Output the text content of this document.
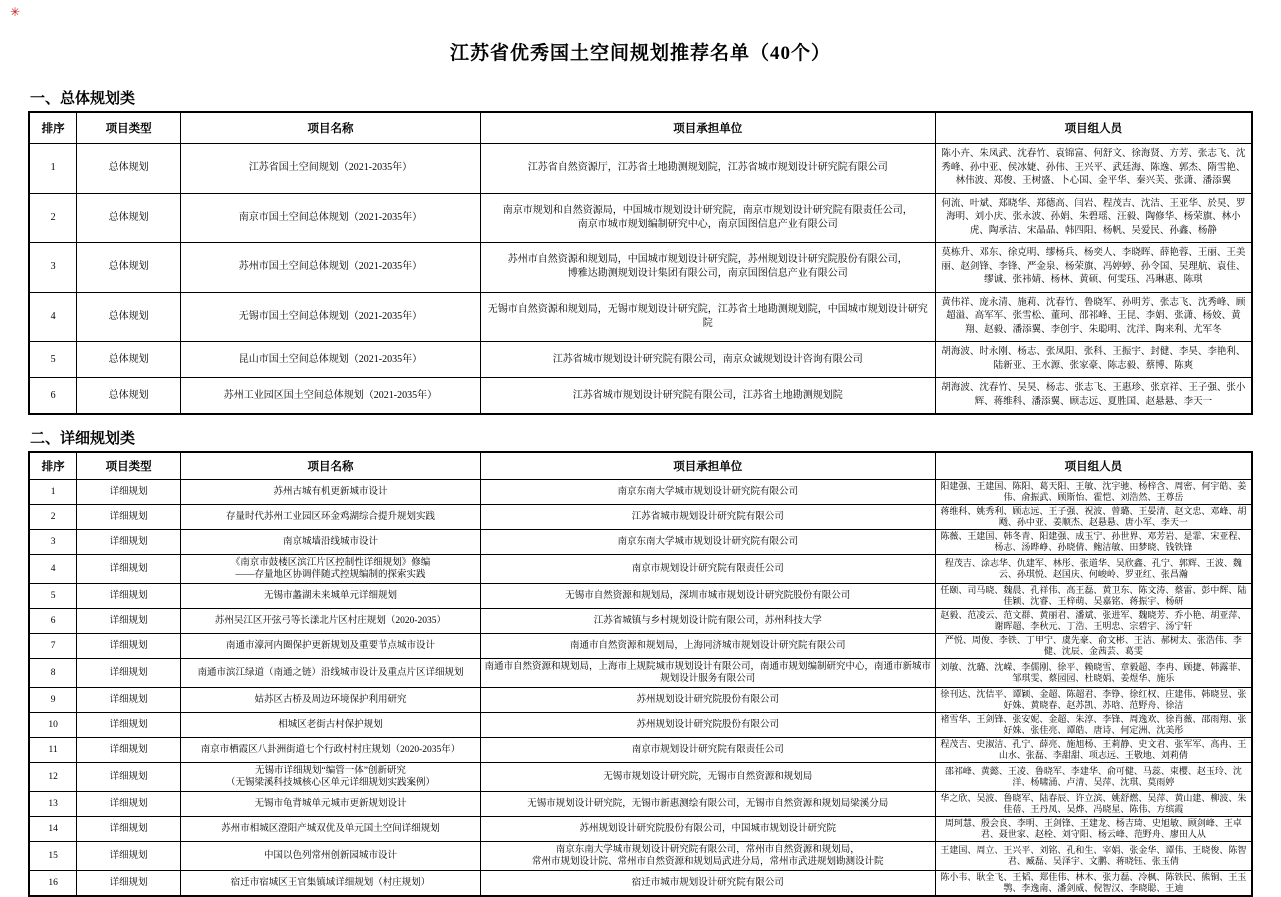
✳
江苏省优秀国土空间规划推荐名单（40个）
一、总体规划类
排序	项目类型	项目名称	项目承担单位	项目组人员
1	总体规划	江苏省国土空间规划（2021-2035年）	江苏省自然资源厅，江苏省土地勘测规划院，江苏省城市规划设计研究院有限公司	陈小卉、朱凤武、沈春竹、袁锦富、何舒文、徐海贤、方芳、张志飞、沈秀峰、孙中亚、侯冰婕、孙伟、王兴平、武廷海、陈逸、郭杰、隋雪艳、林伟波、郑俊、王树盛、卜心国、金平华、秦兴芙、张潇、潘添翼
2	总体规划	南京市国土空间总体规划（2021-2035年）	南京市规划和自然资源局，中国城市规划设计研究院，南京市规划设计研究院有限责任公司，
南京市城市规划编制研究中心，南京国图信息产业有限公司	何流、叶斌、郑晓华、郑德高、闫岩、程茂吉、沈洁、王亚华、於昊、罗海明、刘小庆、张永波、孙娟、朱碧瑶、汪毅、陶修华、杨荣旗、林小虎、陶承洁、宋晶晶、韩四阳、杨帆、吴爱民、孙鑫、杨静
3	总体规划	苏州市国土空间总体规划（2021-2035年）	苏州市自然资源和规划局，中国城市规划设计研究院，苏州规划设计研究院股份有限公司，
博雅达勘测规划设计集团有限公司，南京国图信息产业有限公司	莫栋升、邓东、徐克明、缪杨兵、杨奕人、李晓晖、薛艳蓉、王丽、王美丽、赵剑锋、李锋、严金泉、杨荣旗、冯婷婷、孙令国、吴理航、袁佳、缪诚、张祎婧、杨林、黄硕、何雯珏、冯琳惠、陈琪
4	总体规划	无锡市国土空间总体规划（2021-2035年）	无锡市自然资源和规划局，无锡市规划设计研究院，江苏省土地勘测规划院，中国城市规划设计研究院	黄伟祥、庞永清、施莉、沈春竹、鲁晓军、孙明芳、张志飞、沈秀峰、顾超溢、高军军、张雪松、董珂、邵祁峰、王昆、李娟、张潇、杨姣、黄翔、赵毅、潘添翼、李创宇、朱聪明、沈洋、陶来利、尤军冬
5	总体规划	昆山市国土空间总体规划（2021-2035年）	江苏省城市规划设计研究院有限公司，南京众诚规划设计咨询有限公司	胡海波、时永刚、杨志、张凤阳、张科、王振宇、封健、李昊、李艳利、陆新亚、王水源、张家豪、陈志毅、蔡博、陈爽
6	总体规划	苏州工业园区国土空间总体规划（2021-2035年）	江苏省城市规划设计研究院有限公司，江苏省土地勘测规划院	胡海波、沈春竹、吴昊、杨志、张志飞、王惠珍、张京祥、王子强、张小辉、蒋维科、潘添翼、顾志远、夏胜国、赵悬悬、李天一
二、详细规划类
排序	项目类型	项目名称	项目承担单位	项目组人员
1	详细规划	苏州古城有机更新城市设计	南京东南大学城市规划设计研究院有限公司	阳建强、王建国、陈阳、葛天阳、王敏、沈宇驰、杨梓含、周密、何宇皓、姜伟、俞振武、顾斯怡、霍恺、刘浩然、王尊岳
2	详细规划	存量时代苏州工业园区环金鸡湖综合提升规划实践	江苏省城市规划设计研究院有限公司	蒋维科、姚秀利、顾志远、王子强、祝波、曾璐、王晏清、赵文忠、邓峰、胡飏、孙中亚、姜顺杰、赵悬悬、唐小军、李天一
3	详细规划	南京城墙沿线城市设计	南京东南大学城市规划设计研究院有限公司	陈薇、王建国、韩冬青、阳建强、成玉宁、孙世界、邓芳岩、是霏、宋亚程、杨志、汤晔峥、孙晓倩、鲍洁敏、田梦晓、钱铁锋
4	详细规划	《南京市鼓楼区滨江片区控制性详细规划》修编
——存量地区协调伴随式控规编制的探索实践	南京市规划设计研究院有限责任公司	程茂吉、涂志华、仇建军、林彤、张道华、吴欣鑫、孔宁、郭辉、王波、魏云、孙琪悦、赵国庆、何峻岭、罗亚红、张昌瀚
5	详细规划	无锡市蠡湖未来城单元详细规划	无锡市自然资源和规划局，深圳市城市规划设计研究院股份有限公司	任颐、司马晓、魏晨、孔祥伟、高王磊、黄卫东、陈文涛、蔡雷、彭中辉、陆佳颖、沈睿、王梓萌、吴嘉铭、蒋振宇、杨研
6	详细规划	苏州吴江区开弦弓等长漾北片区村庄规划（2020-2035）	江苏省城镇与乡村规划设计院有限公司，苏州科技大学	赵毅、范凌云、范文群、黄丽君、潘斌、张进军、魏晓芳、乔小艳、胡亚萍、谢晖超、李秋元、丁浩、王明忠、宗碧宇、汤宁轩
7	详细规划	南通市濠河内圈保护更新规划及重要节点城市设计	南通市自然资源和规划局，上海同济城市规划设计研究院有限公司	严悦、周俊、李铁、丁甲宁、虞先豪、俞文彬、王洁、郝树太、张浩伟、李健、沈辰、金茜芸、葛雯
8	详细规划	南通市滨江绿道（南通之链）沿线城市设计及重点片区详细规划	南通市自然资源和规划局，上海市上规院城市规划设计有限公司，南通市规划编制研究中心，南通市新城市规划设计服务有限公司	刘敏、沈璐、沈嵘、李儒刚、徐平、赖晓雪、章毅超、李冉、顾捷、韩露菲、邹琪雯、蔡园园、杜晓娟、姜煜华、施乐
9	详细规划	姑苏区古桥及周边环境保护利用研究	苏州规划设计研究院股份有限公司	徐刊达、沈佶平、谭颖、金超、陈超君、李铮、徐红权、庄建伟、韩晓昱、张好姝、黄晓春、赵苏凯、苏晗、范野舟、徐洁
10	详细规划	相城区老街古村保护规划	苏州规划设计研究院股份有限公司	褚雪华、王剑锋、张安妮、金超、朱淳、李锋、周逸欢、徐肖薇、邵雨翔、张好姝、张佳亮、谭皓、唐诗、何定洲、沈美彤
11	详细规划	南京市栖霞区八卦洲街道七个行政村村庄规划（2020-2035年）	南京市规划设计研究院有限责任公司	程茂吉、史淑洁、孔宁、薛亮、施旭杨、王莉静、史文君、张军军、高冉、王山水、张磊、李甜甜、项志远、王敬地、刘莉倩
12	详细规划	无锡市详细规划“编管一体”创新研究
（无锡梁溪科技城核心区单元详细规划实践案例）	无锡市规划设计研究院，无锡市自然资源和规划局	邵祁峰、黄懿、王凌、鲁晓军、李建华、俞可健、马蕊、束樱、赵玉玲、沈洋、杨啸涌、卢清、吴萍、沈琪、莫雨婷
13	详细规划	无锡市龟背城单元城市更新规划设计	无锡市规划设计研究院，无锡市新惠测绘有限公司，无锡市自然资源和规划局梁溪分局	华之欣、吴波、鲁晓军、陆春辰、许立滨、姚舒燃、吴萍、黄山建、柳波、朱佳蓓、王丹凤、吴烨、冯晓星、陈伟、方缤霞
14	详细规划	苏州市相城区澄阳产城双优及单元国土空间详细规划	苏州规划设计研究院股份有限公司，中国城市规划设计研究院	周珂慧、殷会良、李明、王剑锋、王建龙、杨吉琦、史旭敏、顾剑峰、王卓君、聂世家、赵栓、刘守阳、杨云峰、范野舟、廖田人从
15	详细规划	中国以色列常州创新园城市设计	南京东南大学城市规划设计研究院有限公司，常州市自然资源和规划局，
常州市规划设计院、常州市自然资源和规划局武进分局，常州市武进规划勘测设计院	王建国、周立、王兴平、刘铭、孔和生、宰娟、张金华、谭伟、王晓俊、陈智君、臧磊、吴泽宇、文鹏、蒋晓钰、张玉倩
16	详细规划	宿迁市宿城区王官集镇域详细规划（村庄规划）	宿迁市城市规划设计研究院有限公司	陈小韦、耿全飞、王韬、郑佳伟、林木、张力磊、冷枫、陈铁民、熊铜、王玉鹗、李逸南、潘剑威、倪智汉、李晓聪、王迪
